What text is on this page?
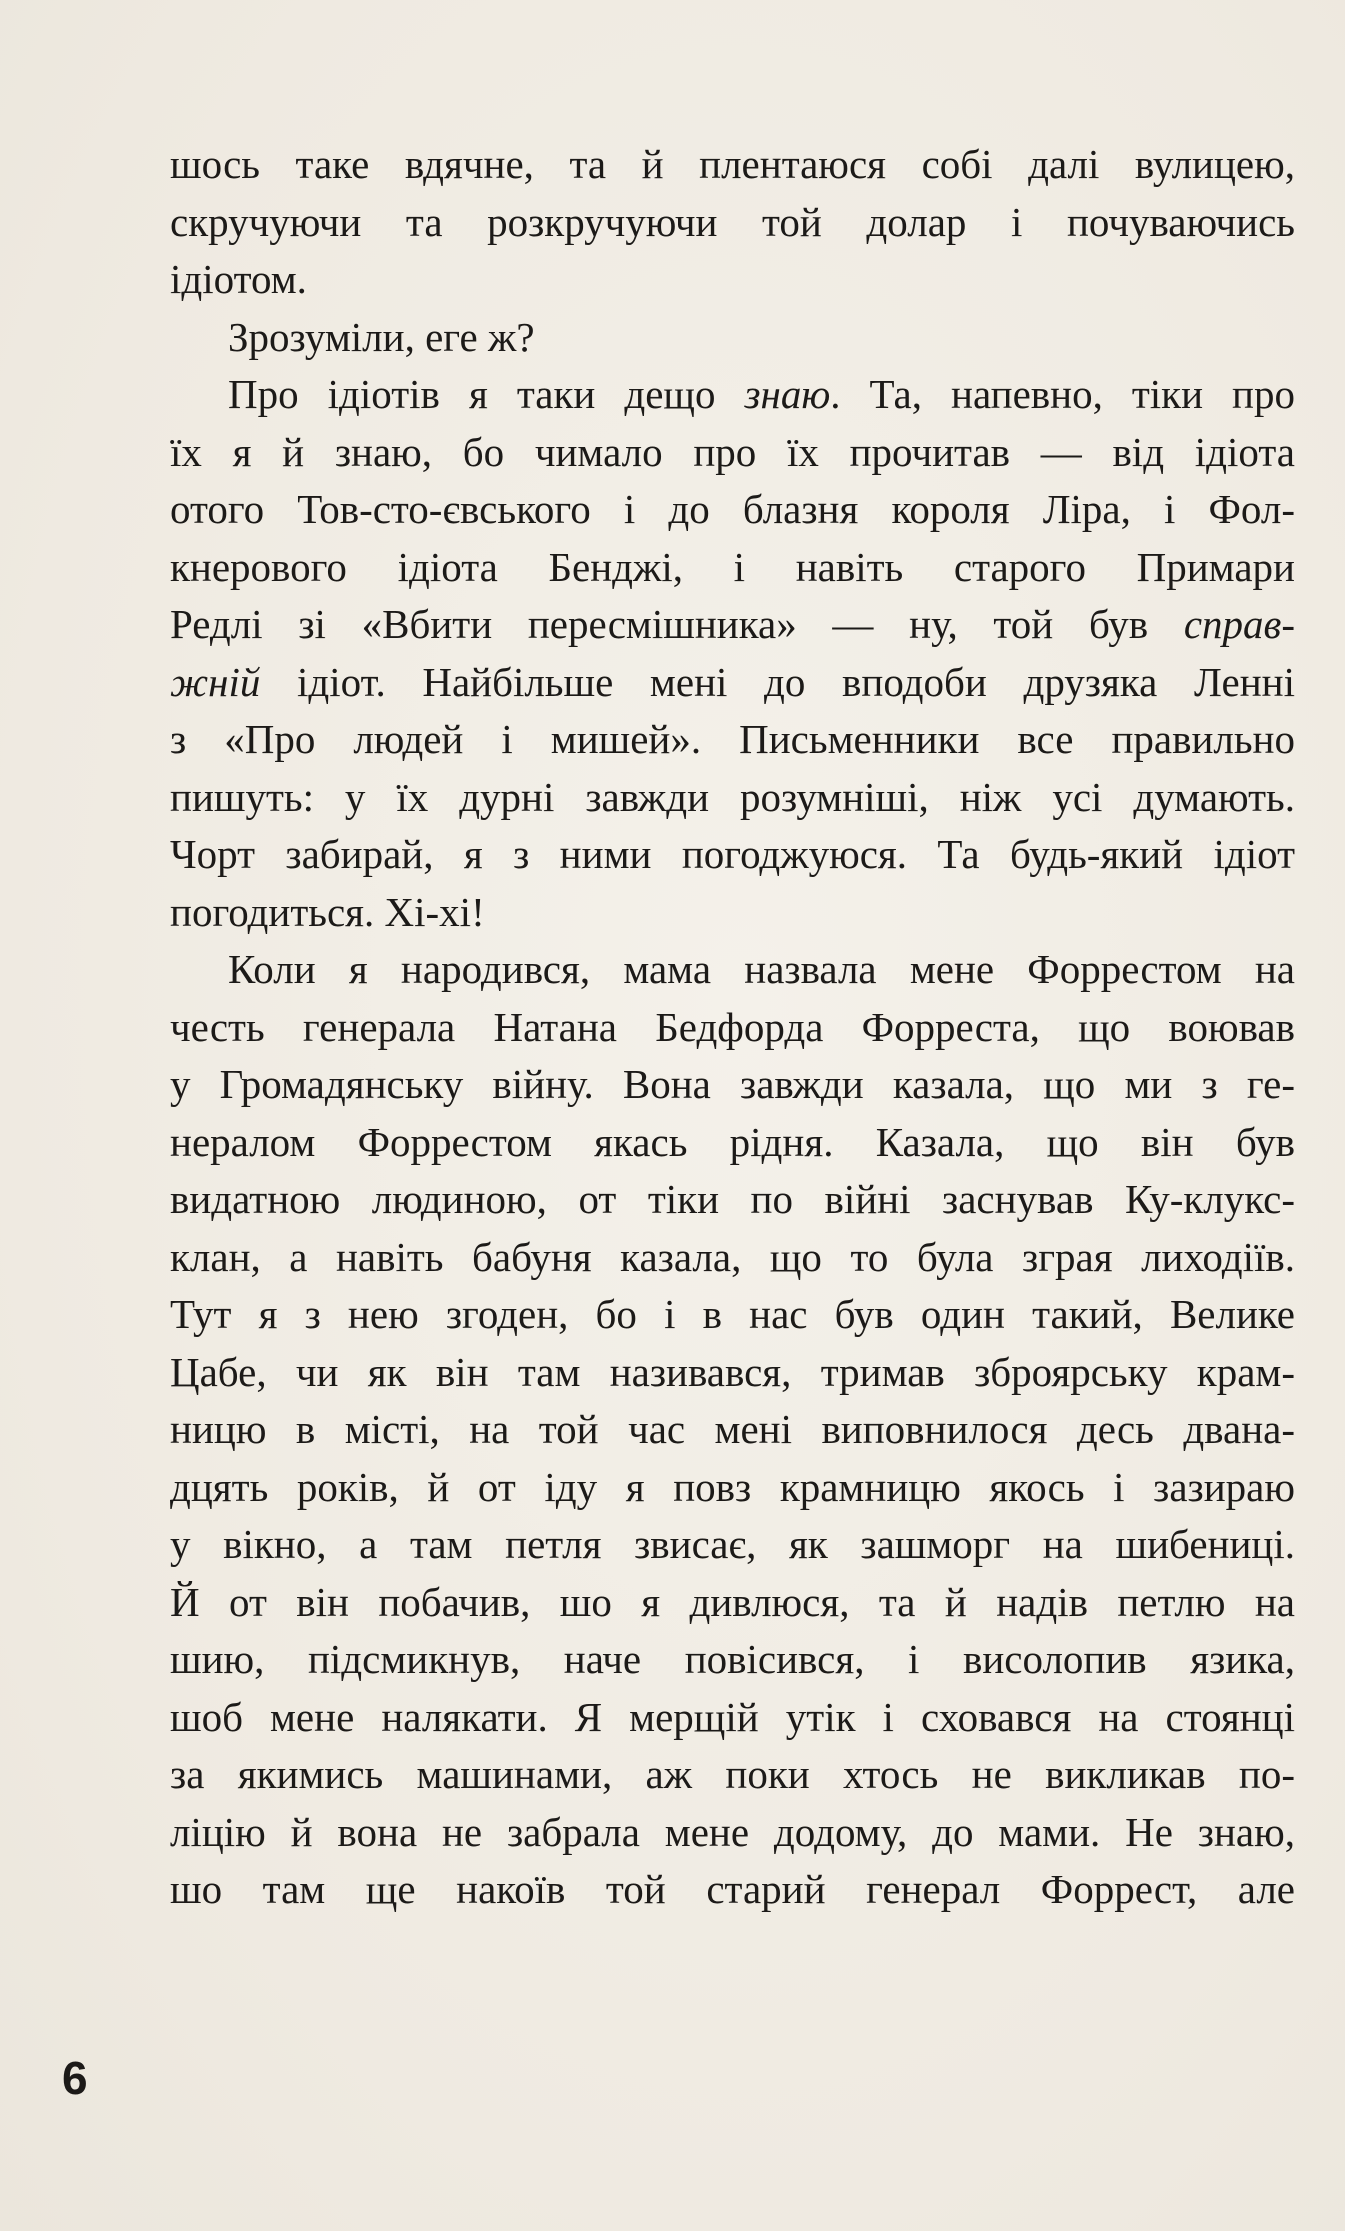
шось таке вдячне, та й плентаюся собі далі вулицею,
скручуючи та розкручуючи той долар і почуваючись
ідіотом.
Зрозуміли, еге ж?
Про ідіотів я таки дещо знаю. Та, напевно, тіки про
їх я й знаю, бо чимало про їх прочитав — від ідіота
отого Тов-сто-євського і до блазня короля Ліра, і Фол-
кнерового ідіота Бенджі, і навіть старого Примари
Редлі зі «Вбити пересмішника» — ну, той був справ-
жній ідіот. Найбільше мені до вподоби друзяка Ленні
з «Про людей і мишей». Письменники все правильно
пишуть: у їх дурні завжди розумніші, ніж усі думають.
Чорт забирай, я з ними погоджуюся. Та будь-який ідіот
погодиться. Хі-хі!
Коли я народився, мама назвала мене Форрестом на
честь генерала Натана Бедфорда Форреста, що воював
у Громадянську війну. Вона завжди казала, що ми з ге-
нералом Форрестом якась рідня. Казала, що він був
видатною людиною, от тіки по війні заснував Ку-клукс-
клан, а навіть бабуня казала, що то була зграя лиходіїв.
Тут я з нею згоден, бо і в нас був один такий, Велике
Цабе, чи як він там називався, тримав зброярську крам-
ницю в місті, на той час мені виповнилося десь дванa-
дцять років, й от іду я повз крамницю якось і зазираю
у вікно, а там петля звисає, як зашморг на шибениці.
Й от він побачив, шо я дивлюся, та й надів петлю на
шию, підсмикнув, наче повісився, і висолопив язика,
шоб мене налякати. Я мерщій утік і сховався на стоянці
за якимись машинами, аж поки хтось не викликав по-
ліцію й вона не забрала мене додому, до мами. Не знаю,
шо там ще накоїв той старий генерал Форрест, але
6
